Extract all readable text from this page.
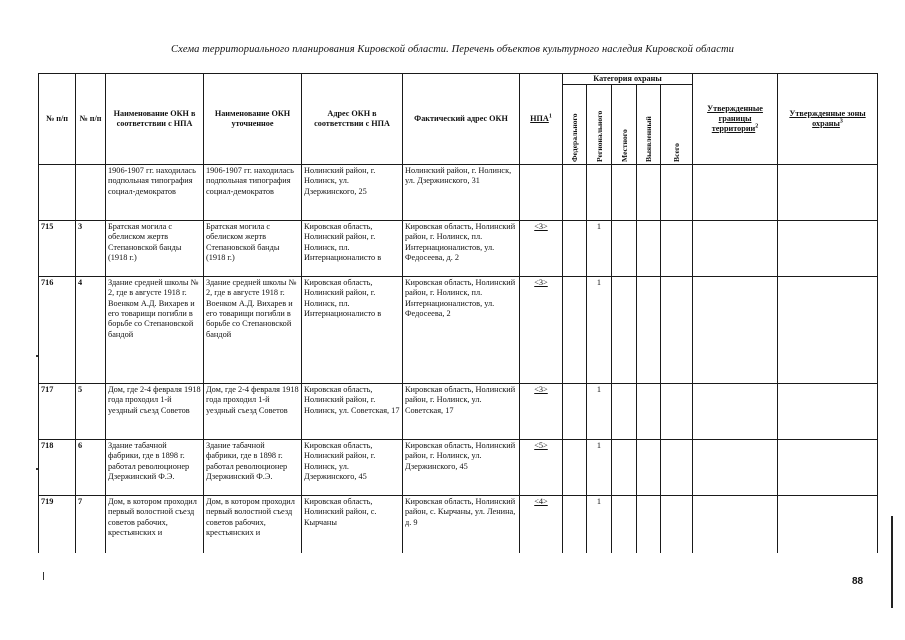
Схема территориального планирования Кировской области. Перечень объектов культурного наследия Кировской области
№ п/п	№ п/п	Наименование ОКН в соответствии с НПА	Наименование ОКН уточненное	Адрес ОКН в соответствии с НПА	Фактический адрес ОКН	НПА$^1$	Категория охраны					Утвержденные границы территории$^2$	Утвержденные зоны охраны$^3$

							Федерального	Регионального	Местного	Выявленный	Всего		

		1906-1907 гг. находилась подпольная типография социал-демократов	1906-1907 гг. находилась подпольная типография социал-демократов	Нолинский район, г. Нолинск, ул. Дзержинского, 25	Нолинский район, г. Нолинск, ул. Дзержинского, 31								
715	3	Братская могила с обелиском жертв Степановской банды (1918 г.)	Братская могила с обелиском жертв Степановской банды (1918 г.)	Кировская область, Нолинский район, г. Нолинск, пл. Интернационалисто в	Кировская область, Нолинский район, г. Нолинск, пл. Интернационалистов, ул. Федосеева, д. 2	<3>		1					
716	4	Здание средней школы № 2, где в августе 1918 г. Военком А.Д. Вихарев и его товарищи погибли в борьбе со Степановской бандой	Здание средней школы № 2, где в августе 1918 г. Военком А.Д. Вихарев и его товарищи погибли в борьбе со Степановской бандой	Кировская область, Нолинский район, г. Нолинск, пл. Интернационалисто в	Кировская область, Нолинский район, г. Нолинск, пл. Интернационалистов, ул. Федосеева, 2	<3>		1					
717	5	Дом, где 2-4 февраля 1918 года проходил 1-й уездный съезд Советов	Дом, где 2-4 февраля 1918 года проходил 1-й уездный съезд Советов	Кировская область, Нолинский район, г. Нолинск, ул. Советская, 17	Кировская область, Нолинский район, г. Нолинск, ул. Советская, 17	<3>		1					
718	6	Здание табачной фабрики, где в 1898 г. работал революционер Дзержинский Ф.Э.	Здание табачной фабрики, где в 1898 г. работал революционер Дзержинский Ф.Э.	Кировская область, Нолинский район, г. Нолинск, ул. Дзержинского, 45	Кировская область, Нолинский район, г. Нолинск, ул. Дзержинского, 45	<5>		1					
719	7	Дом, в котором проходил первый волостной съезд советов рабочих, крестьянских и	Дом, в котором проходил первый волостной съезд советов рабочих, крестьянских и	Кировская область, Нолинский район, с. Кырчаны	Кировская область, Нолинский район, с. Кырчаны, ул. Ленина, д. 9	<4>		1					
88
